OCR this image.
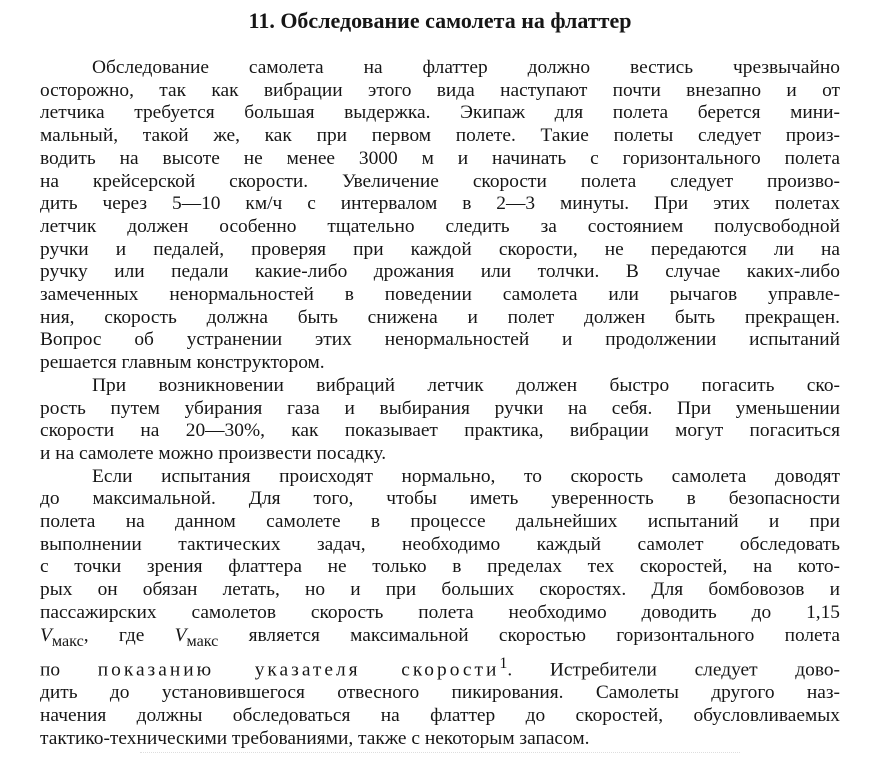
11. Обследование самолета на флаттер
Обследование самолета на флаттер должно вестись чрезвычайно
осторожно, так как вибрации этого вида наступают почти внезапно и от
летчика требуется большая выдержка. Экипаж для полета берется мини-
мальный, такой же, как при первом полете. Такие полеты следует произ-
водить на высоте не менее 3000 м и начинать с горизонтального полета
на крейсерской скорости. Увеличение скорости полета следует произво-
дить через 5—10 км/ч с интервалом в 2—3 минуты. При этих полетах
летчик должен особенно тщательно следить за состоянием полусвободной
ручки и педалей, проверяя при каждой скорости, не передаются ли на
ручку или педали какие-либо дрожания или толчки. В случае каких-либо
замеченных ненормальностей в поведении самолета или рычагов управле-
ния, скорость должна быть снижена и полет должен быть прекращен.
Вопрос об устранении этих ненормальностей и продолжении испытаний
решается главным конструктором.
При возникновении вибраций летчик должен быстро погасить ско-
рость путем убирания газа и выбирания ручки на себя. При уменьшении
скорости на 20—30%, как показывает практика, вибрации могут погаситься
и на самолете можно произвести посадку.
Если испытания происходят нормально, то скорость самолета доводят
до максимальной. Для того, чтобы иметь уверенность в безопасности
полета на данном самолете в процессе дальнейших испытаний и при
выполнении тактических задач, необходимо каждый самолет обследовать
с точки зрения флаттера не только в пределах тех скоростей, на кото-
рых он обязан летать, но и при больших скоростях. Для бомбовозов и
пассажирских самолетов скорость полета необходимо доводить до 1,15
$V_{макс}$, где $V_{макс}$ является максимальной скоростью горизонтального полета
по показанию указателя скорости$^1$. Истребители следует дово-
дить до установившегося отвесного пикирования. Самолеты другого наз-
начения должны обследоваться на флаттер до скоростей, обусловливаемых
тактико-техническими требованиями, также с некоторым запасом.
